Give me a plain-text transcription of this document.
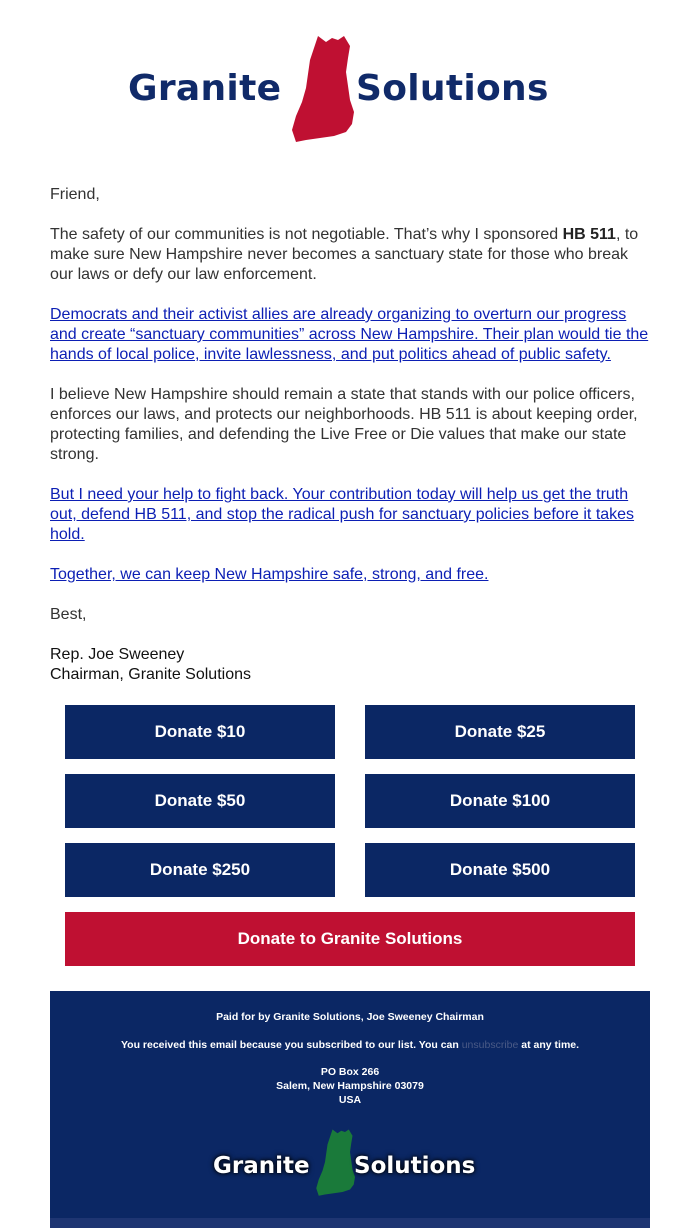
Granite Solutions

Friend,

The safety of our communities is not negotiable. That’s why I sponsored HB 511, to make sure New Hampshire never becomes a sanctuary state for those who break our laws or defy our law enforcement.

Democrats and their activist allies are already organizing to overturn our progress and create “sanctuary communities” across New Hampshire. Their plan would tie the hands of local police, invite lawlessness, and put politics ahead of public safety.

I believe New Hampshire should remain a state that stands with our police officers, enforces our laws, and protects our neighborhoods. HB 511 is about keeping order, protecting families, and defending the Live Free or Die values that make our state strong.

But I need your help to fight back. Your contribution today will help us get the truth out, defend HB 511, and stop the radical push for sanctuary policies before it takes hold.

Together, we can keep New Hampshire safe, strong, and free.

Best,

Rep. Joe Sweeney
Chairman, Granite Solutions

Donate $10	Donate $25
Donate $50	Donate $100
Donate $250	Donate $500
Donate to Granite Solutions
Paid for by Granite Solutions, Joe Sweeney Chairman
You received this email because you subscribed to our list. You can unsubscribe at any time.
PO Box 266
Salem, New Hampshire 03079
USA
Granite Solutions
